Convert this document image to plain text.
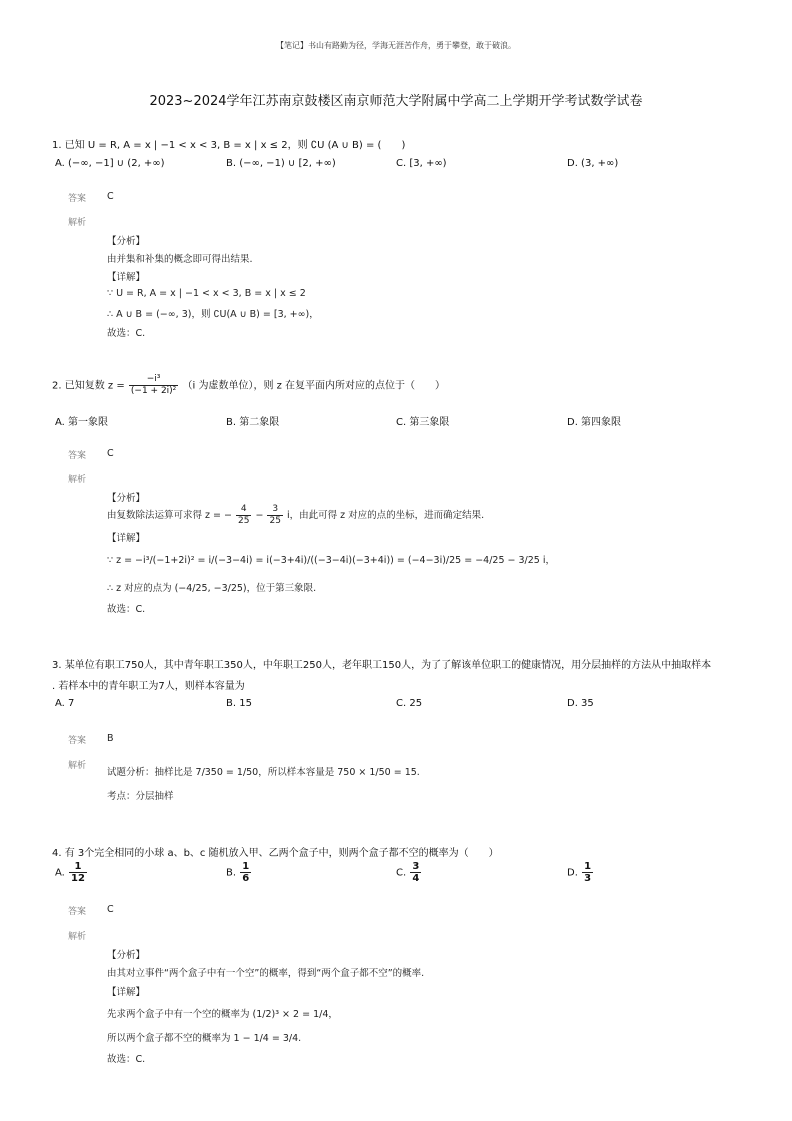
【笔记】书山有路勤为径，学海无涯苦作舟，勇于攀登，敢于破浪。
2023~2024学年江苏南京鼓楼区南京师范大学附属中学高二上学期开学考试数学试卷
1. 已知 U = R, A = x | −1 < x < 3, B = x | x ≤ 2，则 ∁U (A ∪ B) = (　　)
A. (−∞, −1] ∪ (2, +∞)	B. (−∞, −1) ∪ [2, +∞)	C. [3, +∞)	D. (3, +∞)
答案 C
解析
【分析】
由并集和补集的概念即可得出结果.
【详解】
∵ U = R, A = x | −1 < x < 3, B = x | x ≤ 2
∴ A ∪ B = (−∞, 3)，则 ∁U(A ∪ B) = [3, +∞)，
故选：C.
2. 已知复数 $z = \frac{\text{−i³}}{\text{(−1 + 2i)²}} (i$ 为虚数单位），则 z 在复平面内所对应的点位于（　　）
A. 第一象限	B. 第二象限	C. 第三象限	D. 第四象限
答案 C
解析
【分析】
由复数除法运算可求得 z = − $\frac{4}{25} - \frac{3}{25}$ i，由此可得 z 对应的点的坐标，进而确定结果.
【详解】
∵ z = −i³/(−1+2i)² = i/(−3−4i) = i(−3+4i)/((−3−4i)(−3+4i)) = (−4−3i)/25 = −4/25 − 3/25 i，
∴ z 对应的点为 (−4/25, −3/25)，位于第三象限.
故选：C.
3. 某单位有职工750人，其中青年职工350人，中年职工250人，老年职工150人，为了了解该单位职工的健康情况，用分层抽样的方法从中抽取样本
. 若样本中的青年职工为7人，则样本容量为
A. 7	B. 15	C. 25	D. 35
答案 B
解析
试题分析：抽样比是 7/350 = 1/50，所以样本容量是 750 × 1/50 = 15.
考点：分层抽样
4. 有 3个完全相同的小球 a、b、c 随机放入甲、乙两个盒子中，则两个盒子都不空的概率为（　　）
A. $\frac{1}{12}$	B. $\frac{1}{6}$	C. $\frac{3}{4}$	D. $\frac{1}{3}$
答案 C
解析
【分析】
由其对立事件“两个盒子中有一个空”的概率，得到“两个盒子都不空”的概率.
【详解】
先求两个盒子中有一个空的概率为 (1/2)³ × 2 = 1/4，
所以两个盒子都不空的概率为 1 − 1/4 = 3/4.
故选：C.
